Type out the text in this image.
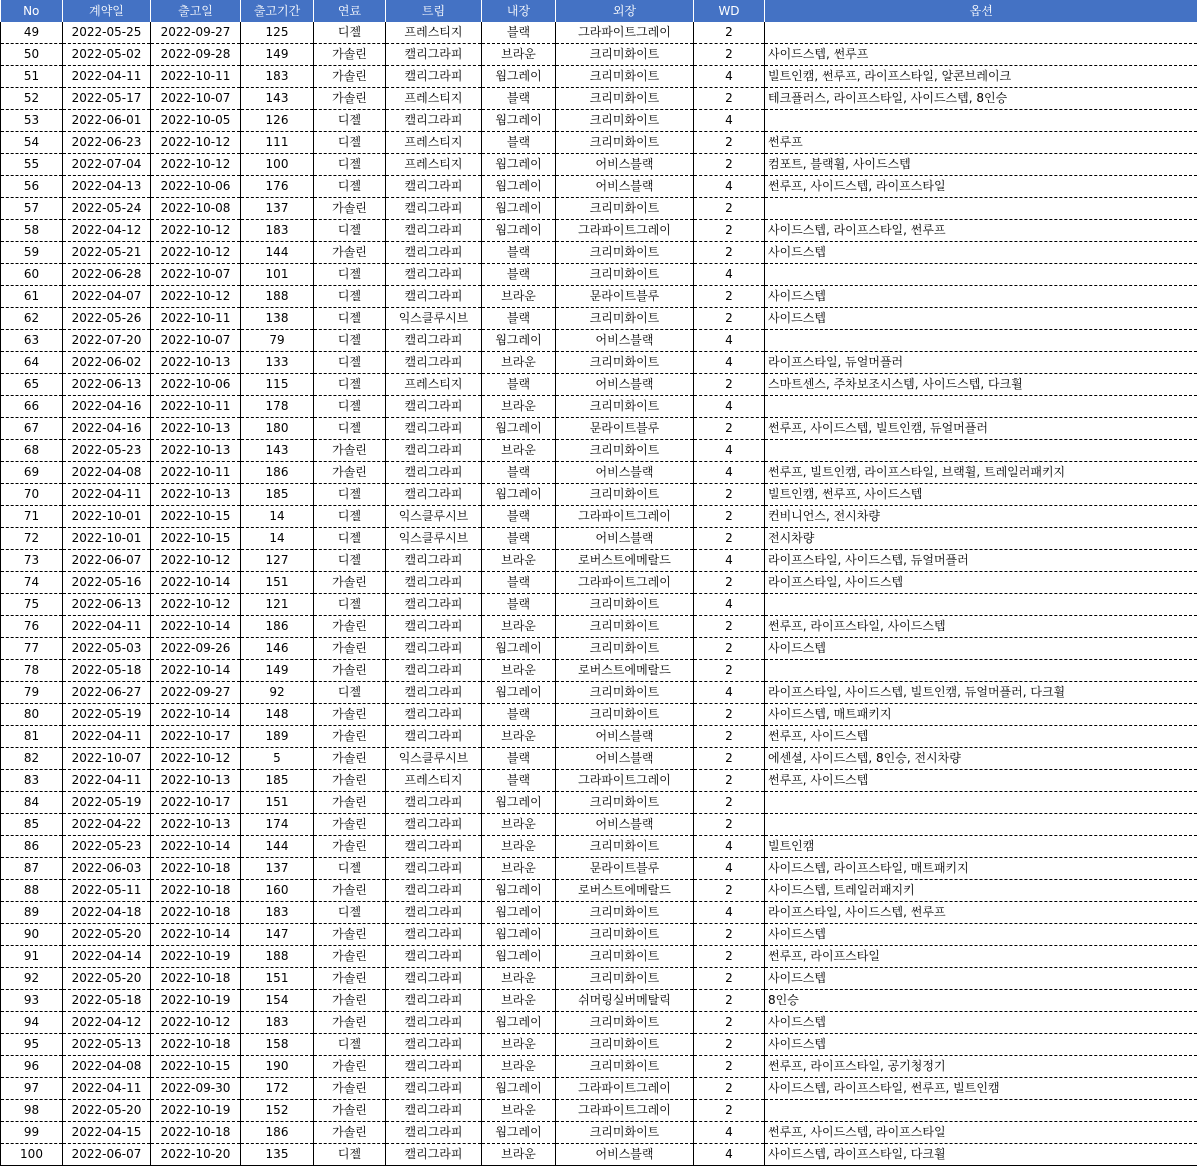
No	계약일	출고일	출고기간	연료	트림	내장	외장	WD	옵션
49	2022-05-25	2022-09-27	125	디젤	프레스티지	블랙	그라파이트그레이	2	
50	2022-05-02	2022-09-28	149	가솔린	캘리그라피	브라운	크리미화이트	2	사이드스텝, 썬루프
51	2022-04-11	2022-10-11	183	가솔린	캘리그라피	웜그레이	크리미화이트	4	빌트인캠, 썬루프, 라이프스타일, 알콘브레이크
52	2022-05-17	2022-10-07	143	가솔린	프레스티지	블랙	크리미화이트	2	테크플러스, 라이프스타일, 사이드스텝, 8인승
53	2022-06-01	2022-10-05	126	디젤	캘리그라피	웜그레이	크리미화이트	4	
54	2022-06-23	2022-10-12	111	디젤	프레스티지	블랙	크리미화이트	2	썬루프
55	2022-07-04	2022-10-12	100	디젤	프레스티지	웜그레이	어비스블랙	2	컴포트, 블랙휠, 사이드스텝
56	2022-04-13	2022-10-06	176	디젤	캘리그라피	웜그레이	어비스블랙	4	썬루프, 사이드스텝, 라이프스타일
57	2022-05-24	2022-10-08	137	가솔린	캘리그라피	웜그레이	크리미화이트	2	
58	2022-04-12	2022-10-12	183	디젤	캘리그라피	웜그레이	그라파이트그레이	2	사이드스텝, 라이프스타일, 썬루프
59	2022-05-21	2022-10-12	144	가솔린	캘리그라피	블랙	크리미화이트	2	사이드스텝
60	2022-06-28	2022-10-07	101	디젤	캘리그라피	블랙	크리미화이트	4	
61	2022-04-07	2022-10-12	188	디젤	캘리그라피	브라운	문라이트블루	2	사이드스텝
62	2022-05-26	2022-10-11	138	디젤	익스클루시브	블랙	크리미화이트	2	사이드스텝
63	2022-07-20	2022-10-07	79	디젤	캘리그라피	웜그레이	어비스블랙	4	
64	2022-06-02	2022-10-13	133	디젤	캘리그라피	브라운	크리미화이트	4	라이프스타일, 듀얼머플러
65	2022-06-13	2022-10-06	115	디젤	프레스티지	블랙	어비스블랙	2	스마트센스, 주차보조시스템, 사이드스텝, 다크휠
66	2022-04-16	2022-10-11	178	디젤	캘리그라피	브라운	크리미화이트	4	
67	2022-04-16	2022-10-13	180	디젤	캘리그라피	웜그레이	문라이트블루	2	썬루프, 사이드스텝, 빌트인캠, 듀얼머플러
68	2022-05-23	2022-10-13	143	가솔린	캘리그라피	브라운	크리미화이트	4	
69	2022-04-08	2022-10-11	186	가솔린	캘리그라피	블랙	어비스블랙	4	썬루프, 빌트인캠, 라이프스타일, 브랙휠, 트레일러패키지
70	2022-04-11	2022-10-13	185	디젤	캘리그라피	웜그레이	크리미화이트	2	빌트인캠, 썬루프, 사이드스텝
71	2022-10-01	2022-10-15	14	디젤	익스클루시브	블랙	그라파이트그레이	2	컨비니언스, 전시차량
72	2022-10-01	2022-10-15	14	디젤	익스클루시브	블랙	어비스블랙	2	전시차량
73	2022-06-07	2022-10-12	127	디젤	캘리그라피	브라운	로버스트에메랄드	4	라이프스타일, 사이드스텝, 듀얼머플러
74	2022-05-16	2022-10-14	151	가솔린	캘리그라피	블랙	그라파이트그레이	2	라이프스타일, 사이드스텝
75	2022-06-13	2022-10-12	121	디젤	캘리그라피	블랙	크리미화이트	4	
76	2022-04-11	2022-10-14	186	가솔린	캘리그라피	브라운	크리미화이트	2	썬루프, 라이프스타일, 사이드스텝
77	2022-05-03	2022-09-26	146	가솔린	캘리그라피	웜그레이	크리미화이트	2	사이드스텝
78	2022-05-18	2022-10-14	149	가솔린	캘리그라피	브라운	로버스트에메랄드	2	
79	2022-06-27	2022-09-27	92	디젤	캘리그라피	웜그레이	크리미화이트	4	라이프스타일, 사이드스텝, 빌트인캠, 듀얼머플러, 다크휠
80	2022-05-19	2022-10-14	148	가솔린	캘리그라피	블랙	크리미화이트	2	사이드스텝, 매트패키지
81	2022-04-11	2022-10-17	189	가솔린	캘리그라피	브라운	어비스블랙	2	썬루프, 사이드스텝
82	2022-10-07	2022-10-12	5	가솔린	익스클루시브	블랙	어비스블랙	2	에센셜, 사이드스텝, 8인승, 전시차량
83	2022-04-11	2022-10-13	185	가솔린	프레스티지	블랙	그라파이트그레이	2	썬루프, 사이드스텝
84	2022-05-19	2022-10-17	151	가솔린	캘리그라피	웜그레이	크리미화이트	2	
85	2022-04-22	2022-10-13	174	가솔린	캘리그라피	브라운	어비스블랙	2	
86	2022-05-23	2022-10-14	144	가솔린	캘리그라피	브라운	크리미화이트	4	빌트인캠
87	2022-06-03	2022-10-18	137	디젤	캘리그라피	브라운	문라이트블루	4	사이드스텝, 라이프스타일, 매트패키지
88	2022-05-11	2022-10-18	160	가솔린	캘리그라피	웜그레이	로버스트에메랄드	2	사이드스텝, 트레일러패지키
89	2022-04-18	2022-10-18	183	디젤	캘리그라피	웜그레이	크리미화이트	4	라이프스타일, 사이드스텝, 썬루프
90	2022-05-20	2022-10-14	147	가솔린	캘리그라피	웜그레이	크리미화이트	2	사이드스텝
91	2022-04-14	2022-10-19	188	가솔린	캘리그라피	웜그레이	크리미화이트	2	썬루프, 라이프스타일
92	2022-05-20	2022-10-18	151	가솔린	캘리그라피	브라운	크리미화이트	2	사이드스텝
93	2022-05-18	2022-10-19	154	가솔린	캘리그라피	브라운	쉬머링실버메탈릭	2	8인승
94	2022-04-12	2022-10-12	183	가솔린	캘리그라피	웜그레이	크리미화이트	2	사이드스텝
95	2022-05-13	2022-10-18	158	디젤	캘리그라피	브라운	크리미화이트	2	사이드스텝
96	2022-04-08	2022-10-15	190	가솔린	캘리그라피	브라운	크리미화이트	2	썬루프, 라이프스타일, 공기청정기
97	2022-04-11	2022-09-30	172	가솔린	캘리그라피	웜그레이	그라파이트그레이	2	사이드스텝, 라이프스타일, 썬루프, 빌트인캠
98	2022-05-20	2022-10-19	152	가솔린	캘리그라피	브라운	그라파이트그레이	2	
99	2022-04-15	2022-10-18	186	가솔린	캘리그라피	웜그레이	크리미화이트	4	썬루프, 사이드스텝, 라이프스타일
100	2022-06-07	2022-10-20	135	디젤	캘리그라피	브라운	어비스블랙	4	사이드스텝, 라이프스타일, 다크휠
